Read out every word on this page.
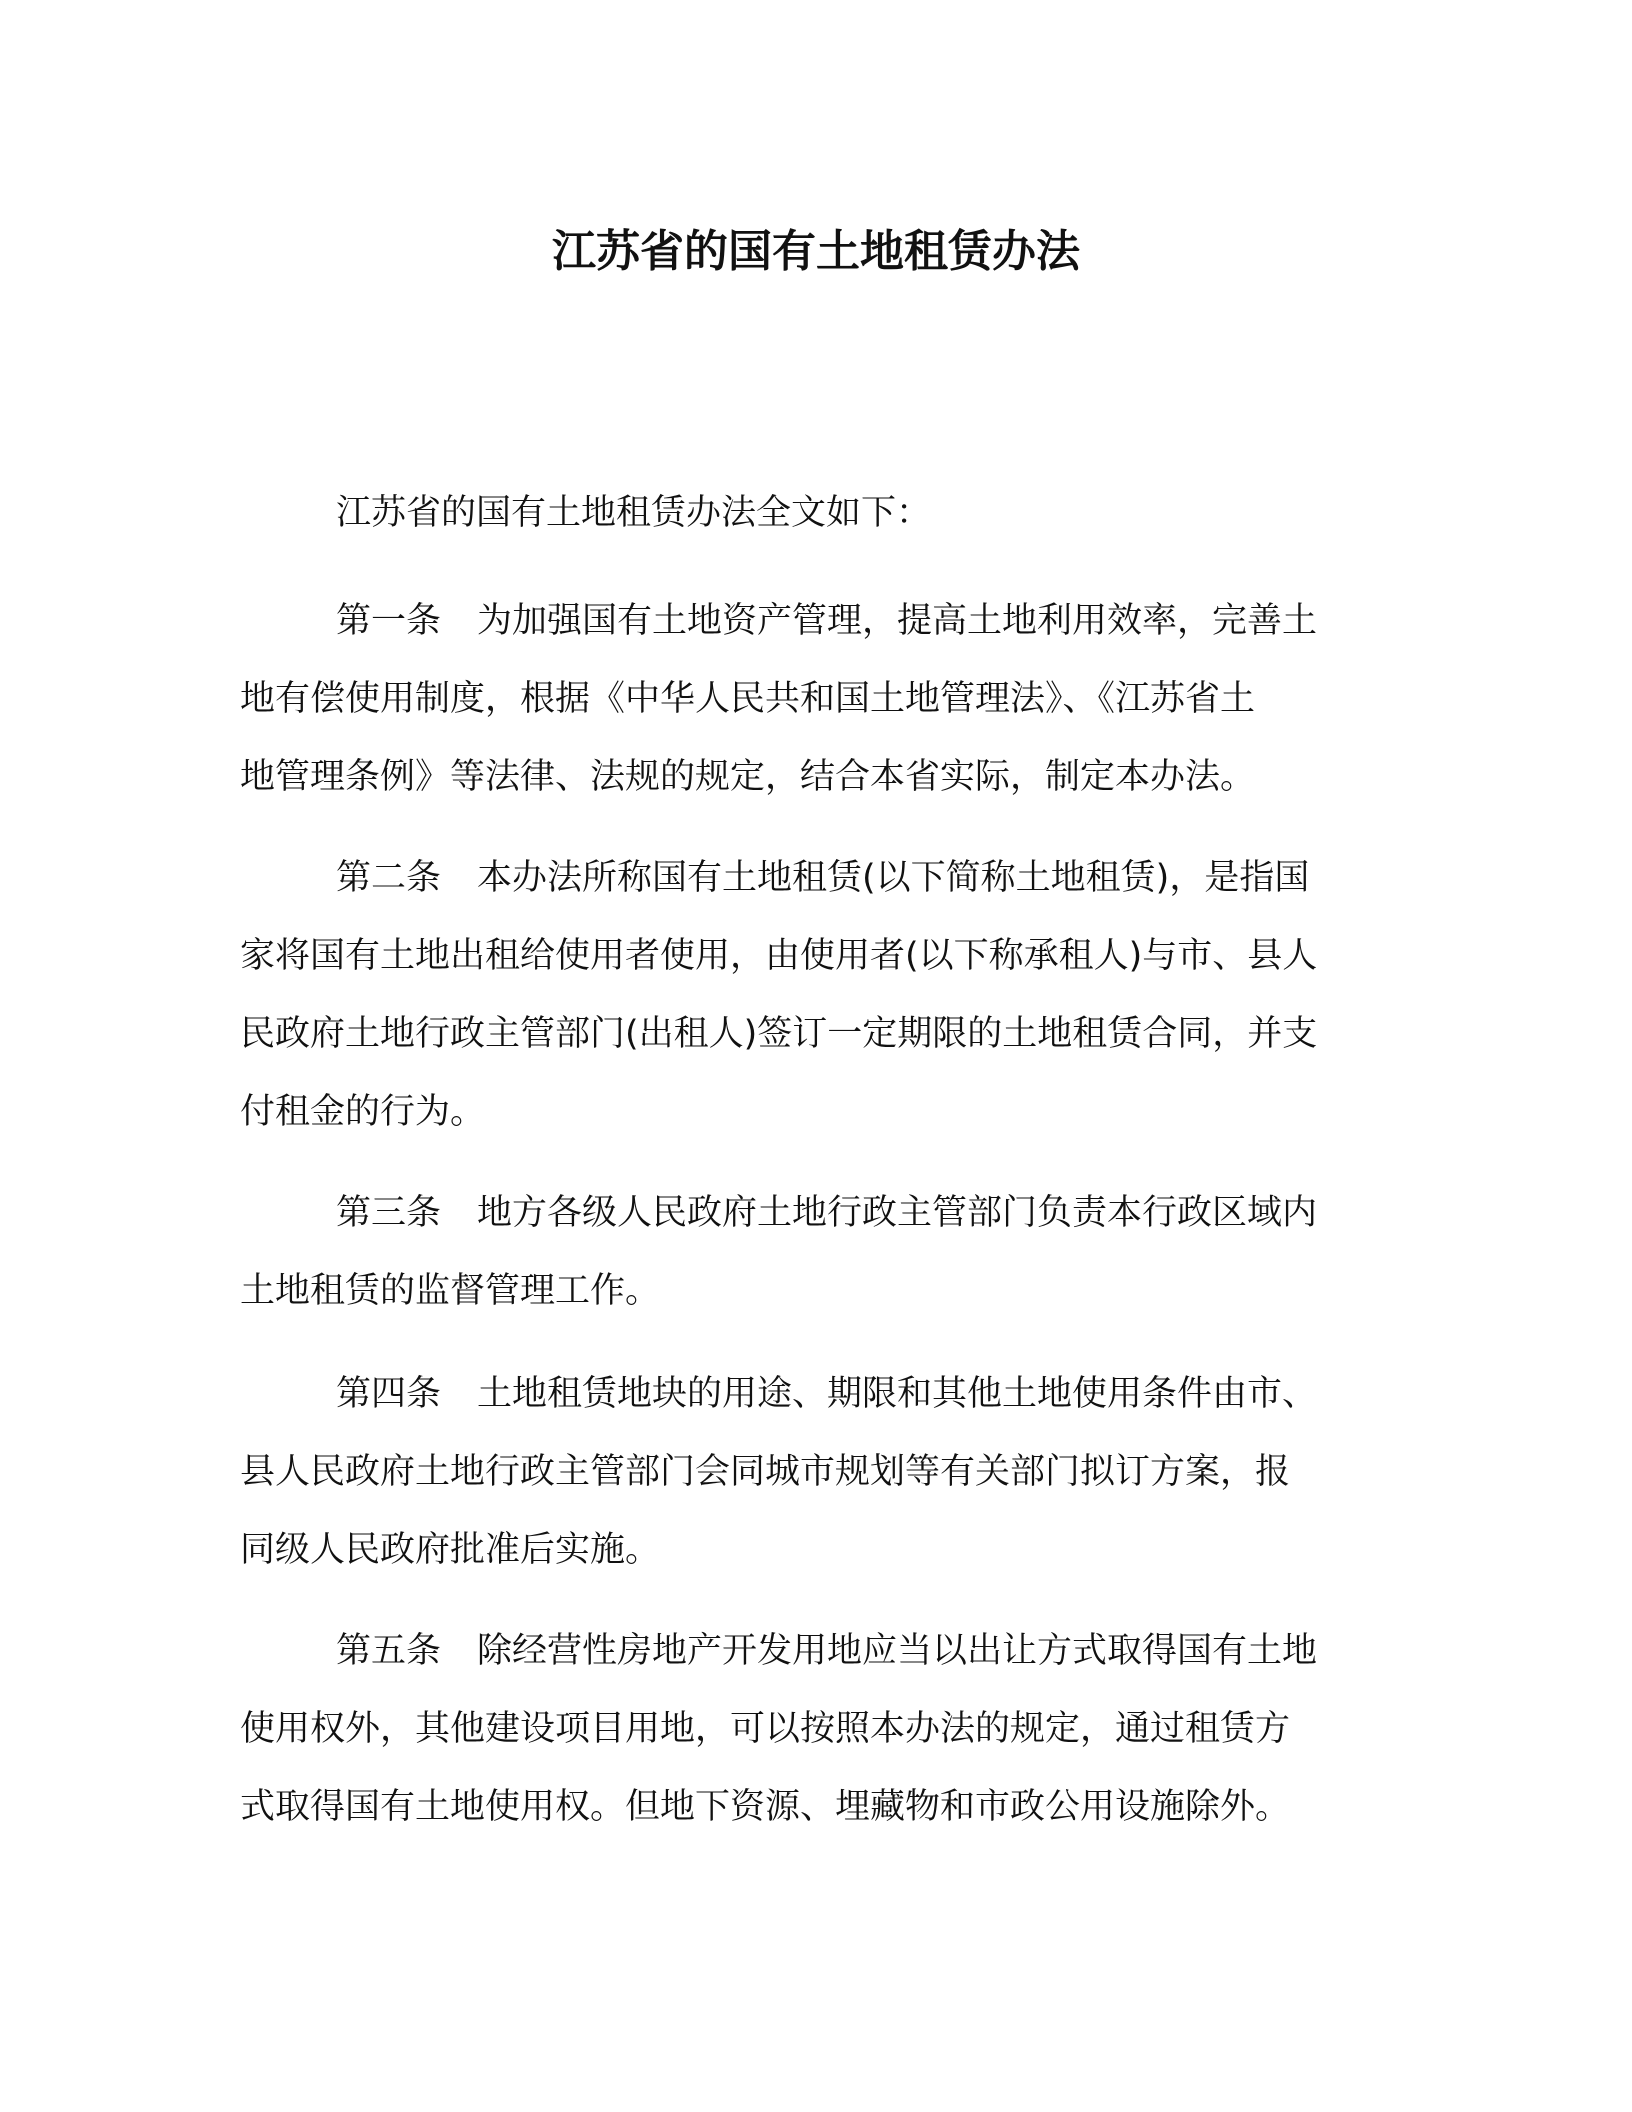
江苏省的国有土地租赁办法
江苏省的国有土地租赁办法全文如下：
第一条 为加强国有土地资产管理，提高土地利用效率，完善土
地有偿使用制度，根据《中华人民共和国土地管理法》、《江苏省土
地管理条例》等法律、法规的规定，结合本省实际，制定本办法。
第二条 本办法所称国有土地租赁(以下简称土地租赁)，是指国
家将国有土地出租给使用者使用，由使用者(以下称承租人)与市、县人
民政府土地行政主管部门(出租人)签订一定期限的土地租赁合同，并支
付租金的行为。
第三条 地方各级人民政府土地行政主管部门负责本行政区域内
土地租赁的监督管理工作。
第四条 土地租赁地块的用途、期限和其他土地使用条件由市、
县人民政府土地行政主管部门会同城市规划等有关部门拟订方案，报
同级人民政府批准后实施。
第五条 除经营性房地产开发用地应当以出让方式取得国有土地
使用权外，其他建设项目用地，可以按照本办法的规定，通过租赁方
式取得国有土地使用权。但地下资源、埋藏物和市政公用设施除外。
